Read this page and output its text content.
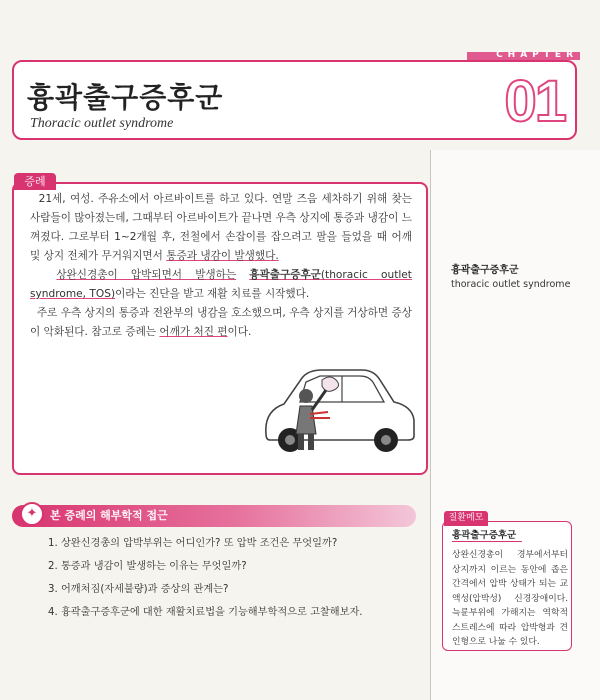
CHAPTER
흉곽출구증후군
Thoracic outlet syndrome	01
증례

21세, 여성. 주유소에서 아르바이트를 하고 있다. 연말 즈음 세차하기 위해 찾는 사람들이 많아졌는데, 그때부터 아르바이트가 끝나면 우측 상지에 통증과 냉감이 느껴졌다. 그로부터 1~2개월 후, 전철에서 손잡이를 잡으려고 팔을 들었을 때 어깨 및 상지 전체가 무거워지면서 통증과 냉감이 발생했다.

상완신경총이 압박되면서 발생하는 흉곽출구증후군(thoracic outlet syndrome, TOS)이라는 진단을 받고 재활 치료를 시작했다.

주로 우측 상지의 통증과 전완부의 냉감을 호소했으며, 우측 상지를 거상하면 증상이 악화된다. 참고로 증례는 어깨가 처진 편이다.

흉곽출구증후군
thoracic outlet syndrome
✦	본 증례의 해부학적 접근
1. 상완신경총의 압박부위는 어디인가? 또 압박 조건은 무엇일까?
2. 통증과 냉감이 발생하는 이유는 무엇일까?
3. 어깨처짐(자세불량)과 증상의 관계는?
4. 흉곽출구증후군에 대한 재활치료법을 기능해부학적으로 고찰해보자.
질환메모
흉곽출구증후군
상완신경총이 경부에서부터 상지까지 이르는 동안에 좁은 간격에서 압박 상태가 되는 교액성(압박성) 신경장애이다. 늑륜부위에 가해지는 역학적 스트레스에 따라 압박형과 견인형으로 나눌 수 있다.
